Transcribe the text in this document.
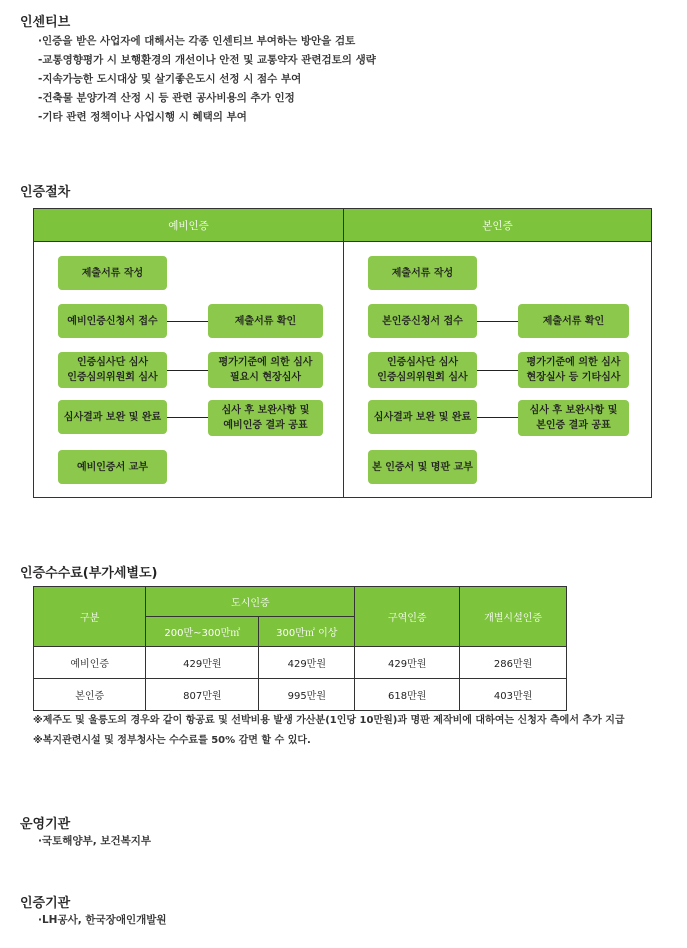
인센티브
·인증을 받은 사업자에 대해서는 각종 인센티브 부여하는 방안을 검토
-교통영향평가 시 보행환경의 개선이나 안전 및 교통약자 관련검토의 생략
-지속가능한 도시대상 및 살기좋은도시 선정 시 점수 부여
-건축물 분양가격 산정 시 등 관련 공사비용의 추가 인정
-기타 관련 정책이나 사업시행 시 혜택의 부여
인증절차
예비인증	본인증
제출서류 작성
예비인증신청서 접수	제출서류 확인
인증심사단 심사
인증심의위원회 심사
평가기준에 의한 심사
필요시 현장심사
심사결과 보완 및 완료
심사 후 보완사항 및
예비인증 결과 공표
예비인증서 교부
제출서류 작성
본인증신청서 접수	제출서류 확인
인증심사단 심사
인증심의위원회 심사
평가기준에 의한 심사
현장실사 등 기타심사
심사결과 보완 및 완료
심사 후 보완사항 및
본인증 결과 공표
본 인증서 및 명판 교부
인증수수료(부가세별도)
구분	도시인증		구역인증	개별시설인증
	200만~300만㎡	300만㎡ 이상		
예비인증	429만원	429만원	429만원	286만원
본인증	807만원	995만원	618만원	403만원
※제주도 및 울릉도의 경우와 같이 항공료 및 선박비용 발생 가산분(1인당 10만원)과 명판 제작비에 대하여는 신청자 측에서 추가 지급
※복지관련시설 및 정부청사는 수수료를 50% 감면 할 수 있다.
운영기관
·국토해양부, 보건복지부
인증기관
·LH공사, 한국장애인개발원
